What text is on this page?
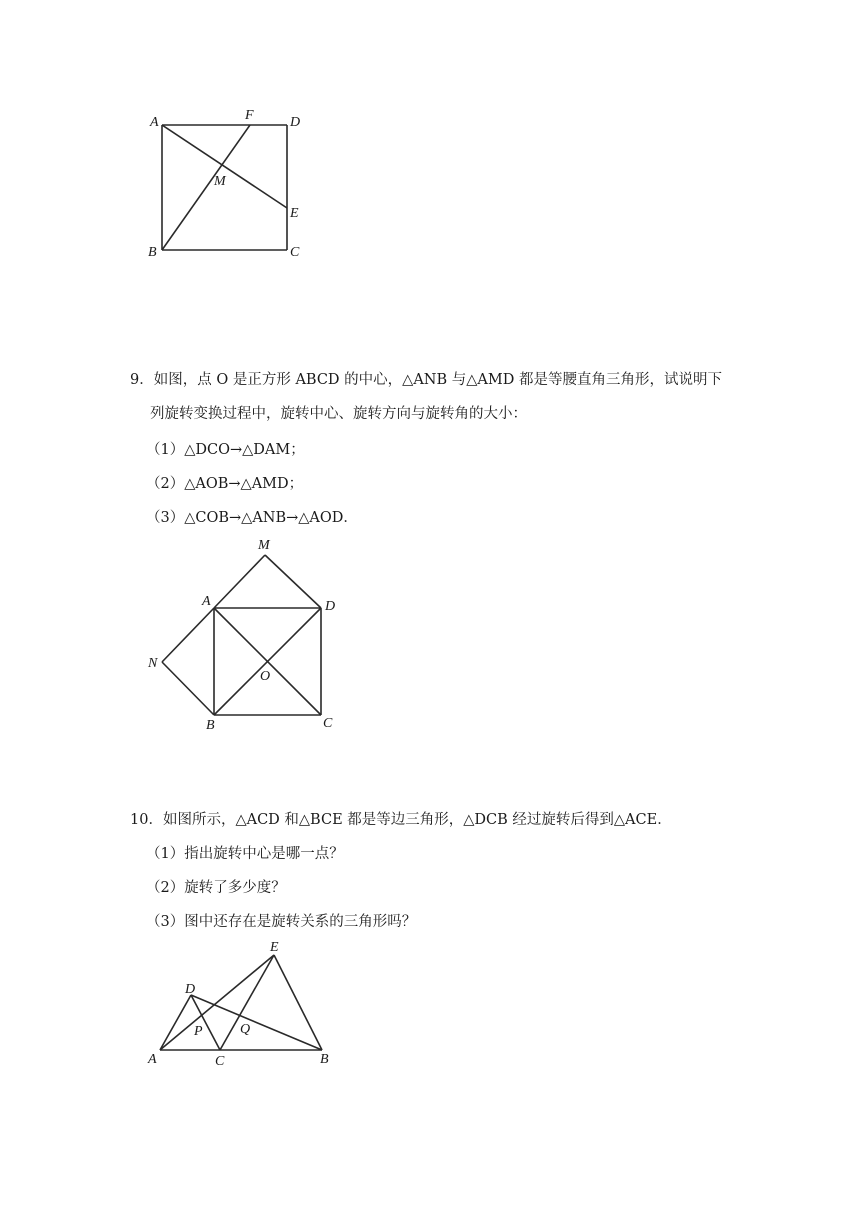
A	F	D
M
E
B	C
9．如图，点 O 是正方形 ABCD 的中心，△ANB 与△AMD 都是等腰直角三角形，试说明下
列旋转变换过程中，旋转中心、旋转方向与旋转角的大小：
（1）△DCO→△DAM；
（2）△AOB→△AMD；
（3）△COB→△ANB→△AOD．
M
A	D
N
O
B	C
10．如图所示，△ACD 和△BCE 都是等边三角形，△DCB 经过旋转后得到△ACE．
（1）指出旋转中心是哪一点？
（2）旋转了多少度？
（3）图中还存在是旋转关系的三角形吗？
E
D
P	Q
A	C	B
